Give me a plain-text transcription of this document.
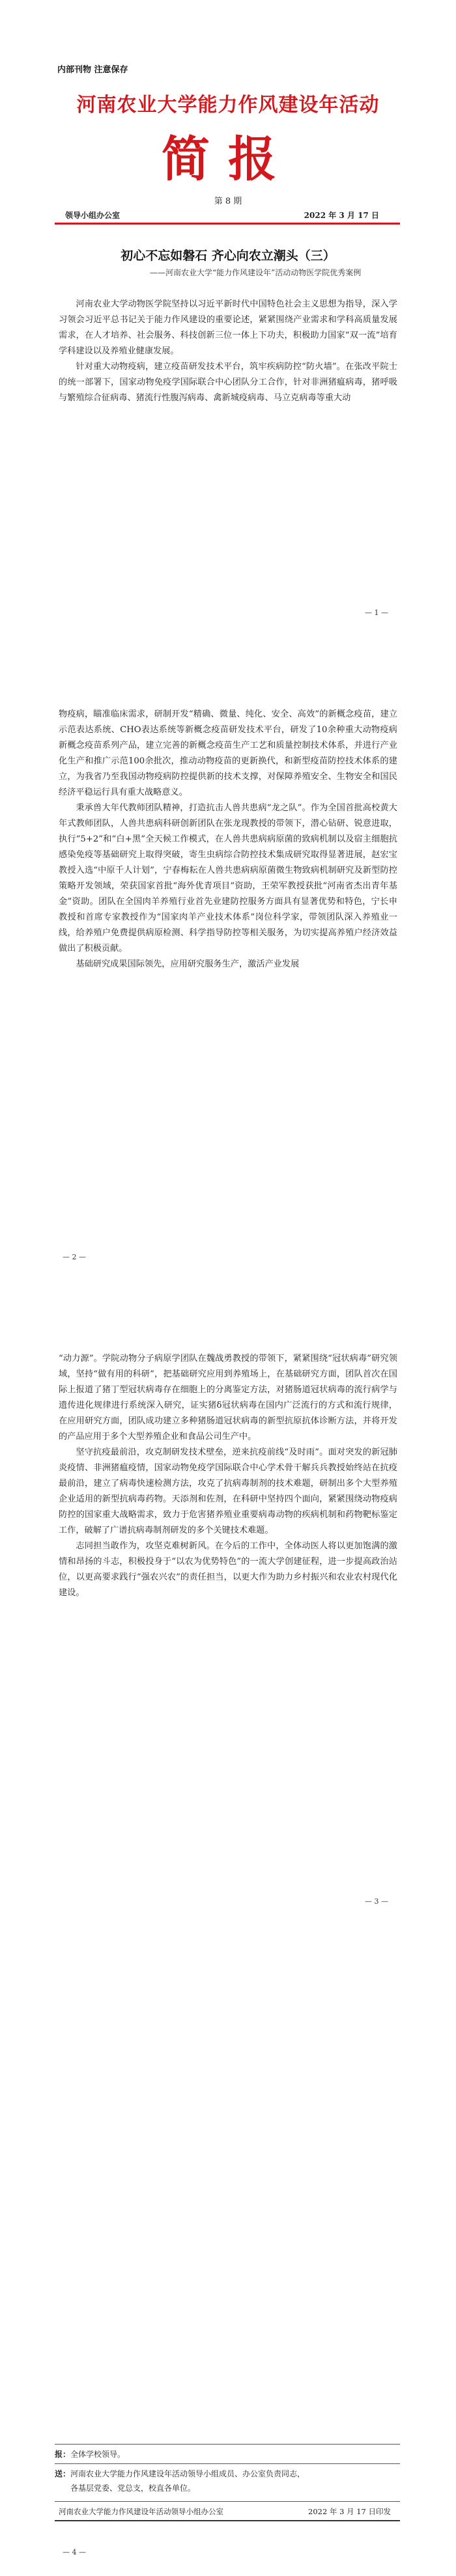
内部刊物 注意保存
河南农业大学能力作风建设年活动
简报
第 8 期
领导小组办公室	2022 年 3 月 17 日
初心不忘如磐石 齐心向农立潮头（三）
——河南农业大学“能力作风建设年”活动动物医学院优秀案例

河南农业大学动物医学院坚持以习近平新时代中国特色社会主义思想为指导，深入学习领会习近平总书记关于能力作风建设的重要论述，紧紧围绕产业需求和学科高质量发展需求，在人才培养、社会服务、科技创新三位一体上下功夫，积极助力国家“双一流”培育学科建设以及养殖业健康发展。

针对重大动物疫病，建立疫苗研发技术平台，筑牢疾病防控“防火墙”。在张改平院士的统一部署下，国家动物免疫学国际联合中心团队分工合作，针对非洲猪瘟病毒，猪呼吸与繁殖综合征病毒、猪流行性腹泻病毒、禽新城疫病毒、马立克病毒等重大动

— 1 —

物疫病，瞄准临床需求，研制开发“精确、微量、纯化、安全、高效”的新概念疫苗，建立示范表达系统、CHO表达系统等新概念疫苗研发技术平台，研发了10余种重大动物疫病新概念疫苗系列产品，建立完善的新概念疫苗生产工艺和质量控制技术体系，并进行产业化生产和推广示范100余批次，推动动物疫苗的更新换代，和新型疫苗防控技术体系的建立，为我省乃至我国动物疫病防控提供新的技术支撑，对保障养殖安全、生物安全和国民经济平稳运行具有重大战略意义。

秉承兽大年代教师团队精神，打造抗击人兽共患病“龙之队”。作为全国首批高校黄大年式教师团队，人兽共患病科研创新团队在张龙现教授的带领下，潜心钻研、锐意进取，执行“5+2”和“白+黑”全天候工作模式，在人兽共患病病原菌的致病机制以及宿主细胞抗感染免疫等基础研究上取得突破，寄生虫病综合防控技术集成研究取得显著进展，赵宏宝教授入选“中原千人计划”，宁春梅耘在人兽共患病病原菌微生物致病机制研究及新型防控策略开发领域，荣获国家首批“海外优青项目”资助，王荣军教授获批“河南省杰出青年基金”资助。团队在全国肉羊养殖行业首先业建防控服务方面具有显著优势和特色，宁长申教授和首席专家教授作为“国家肉羊产业技术体系”岗位科学家，带领团队深入养殖业一线，给养殖户免费提供病原检测、科学指导防控等相关服务，为切实提高养殖户经济效益做出了积极贡献。

基础研究成果国际领先，应用研究服务生产，激活产业发展

— 2 —

“动力源”。学院动物分子病原学团队在魏战勇教授的带领下，紧紧围绕“冠状病毒”研究领域，坚持“做有用的科研”，把基础研究应用到养殖场上，在基础研究方面，团队首次在国际上报道了猪丁型冠状病毒存在细胞上的分离鉴定方法，对猪肠道冠状病毒的流行病学与遗传进化规律进行系统深入研究，证实猪δ冠状病毒在国内广泛流行的方式和流行规律，在应用研究方面，团队成功建立多种猪肠道冠状病毒的新型抗原抗体诊断方法，并将开发的产品应用于多个大型养殖企业和食品公司生产中。

坚守抗疫最前沿，攻克制研发技术壁垒，逆来抗疫前线“及时雨”。面对突发的新冠肺炎疫情、非洲猪瘟疫情，国家动物免疫学国际联合中心学术骨干解兵兵教授始终站在抗疫最前沿，建立了病毒快速检测方法，攻克了抗病毒制剂的技术难题，研制出多个大型养殖企业适用的新型抗病毒药物。天添剂和佐剂，在科研中坚持四个面向，紧紧围绕动物疫病防控的国家重大战略需求，致力于危害猪养殖业重要病毒动物的疾病机制和药物靶标鉴定工作，破解了广谱抗病毒制剂研发的多个关键技术难题。

志同担当敢作为，攻坚克难树新风。在今后的工作中，全体动医人将以更加饱满的激情和昂扬的斗志，积极投身于“以农为优势特色”的一流大学创建征程，进一步提高政治站位，以更高要求践行“强农兴农”的责任担当，以更大作为助力乡村振兴和农业农村现代化建设。

— 3 —
报：全体学校领导。
送：河南农业大学能力作风建设年活动领导小组成员、办公室负责同志，
各基层党委、党总支，校直各单位。
河南农业大学能力作风建设年活动领导小组办公室	2022 年 3 月 17 日印发
— 4 —
